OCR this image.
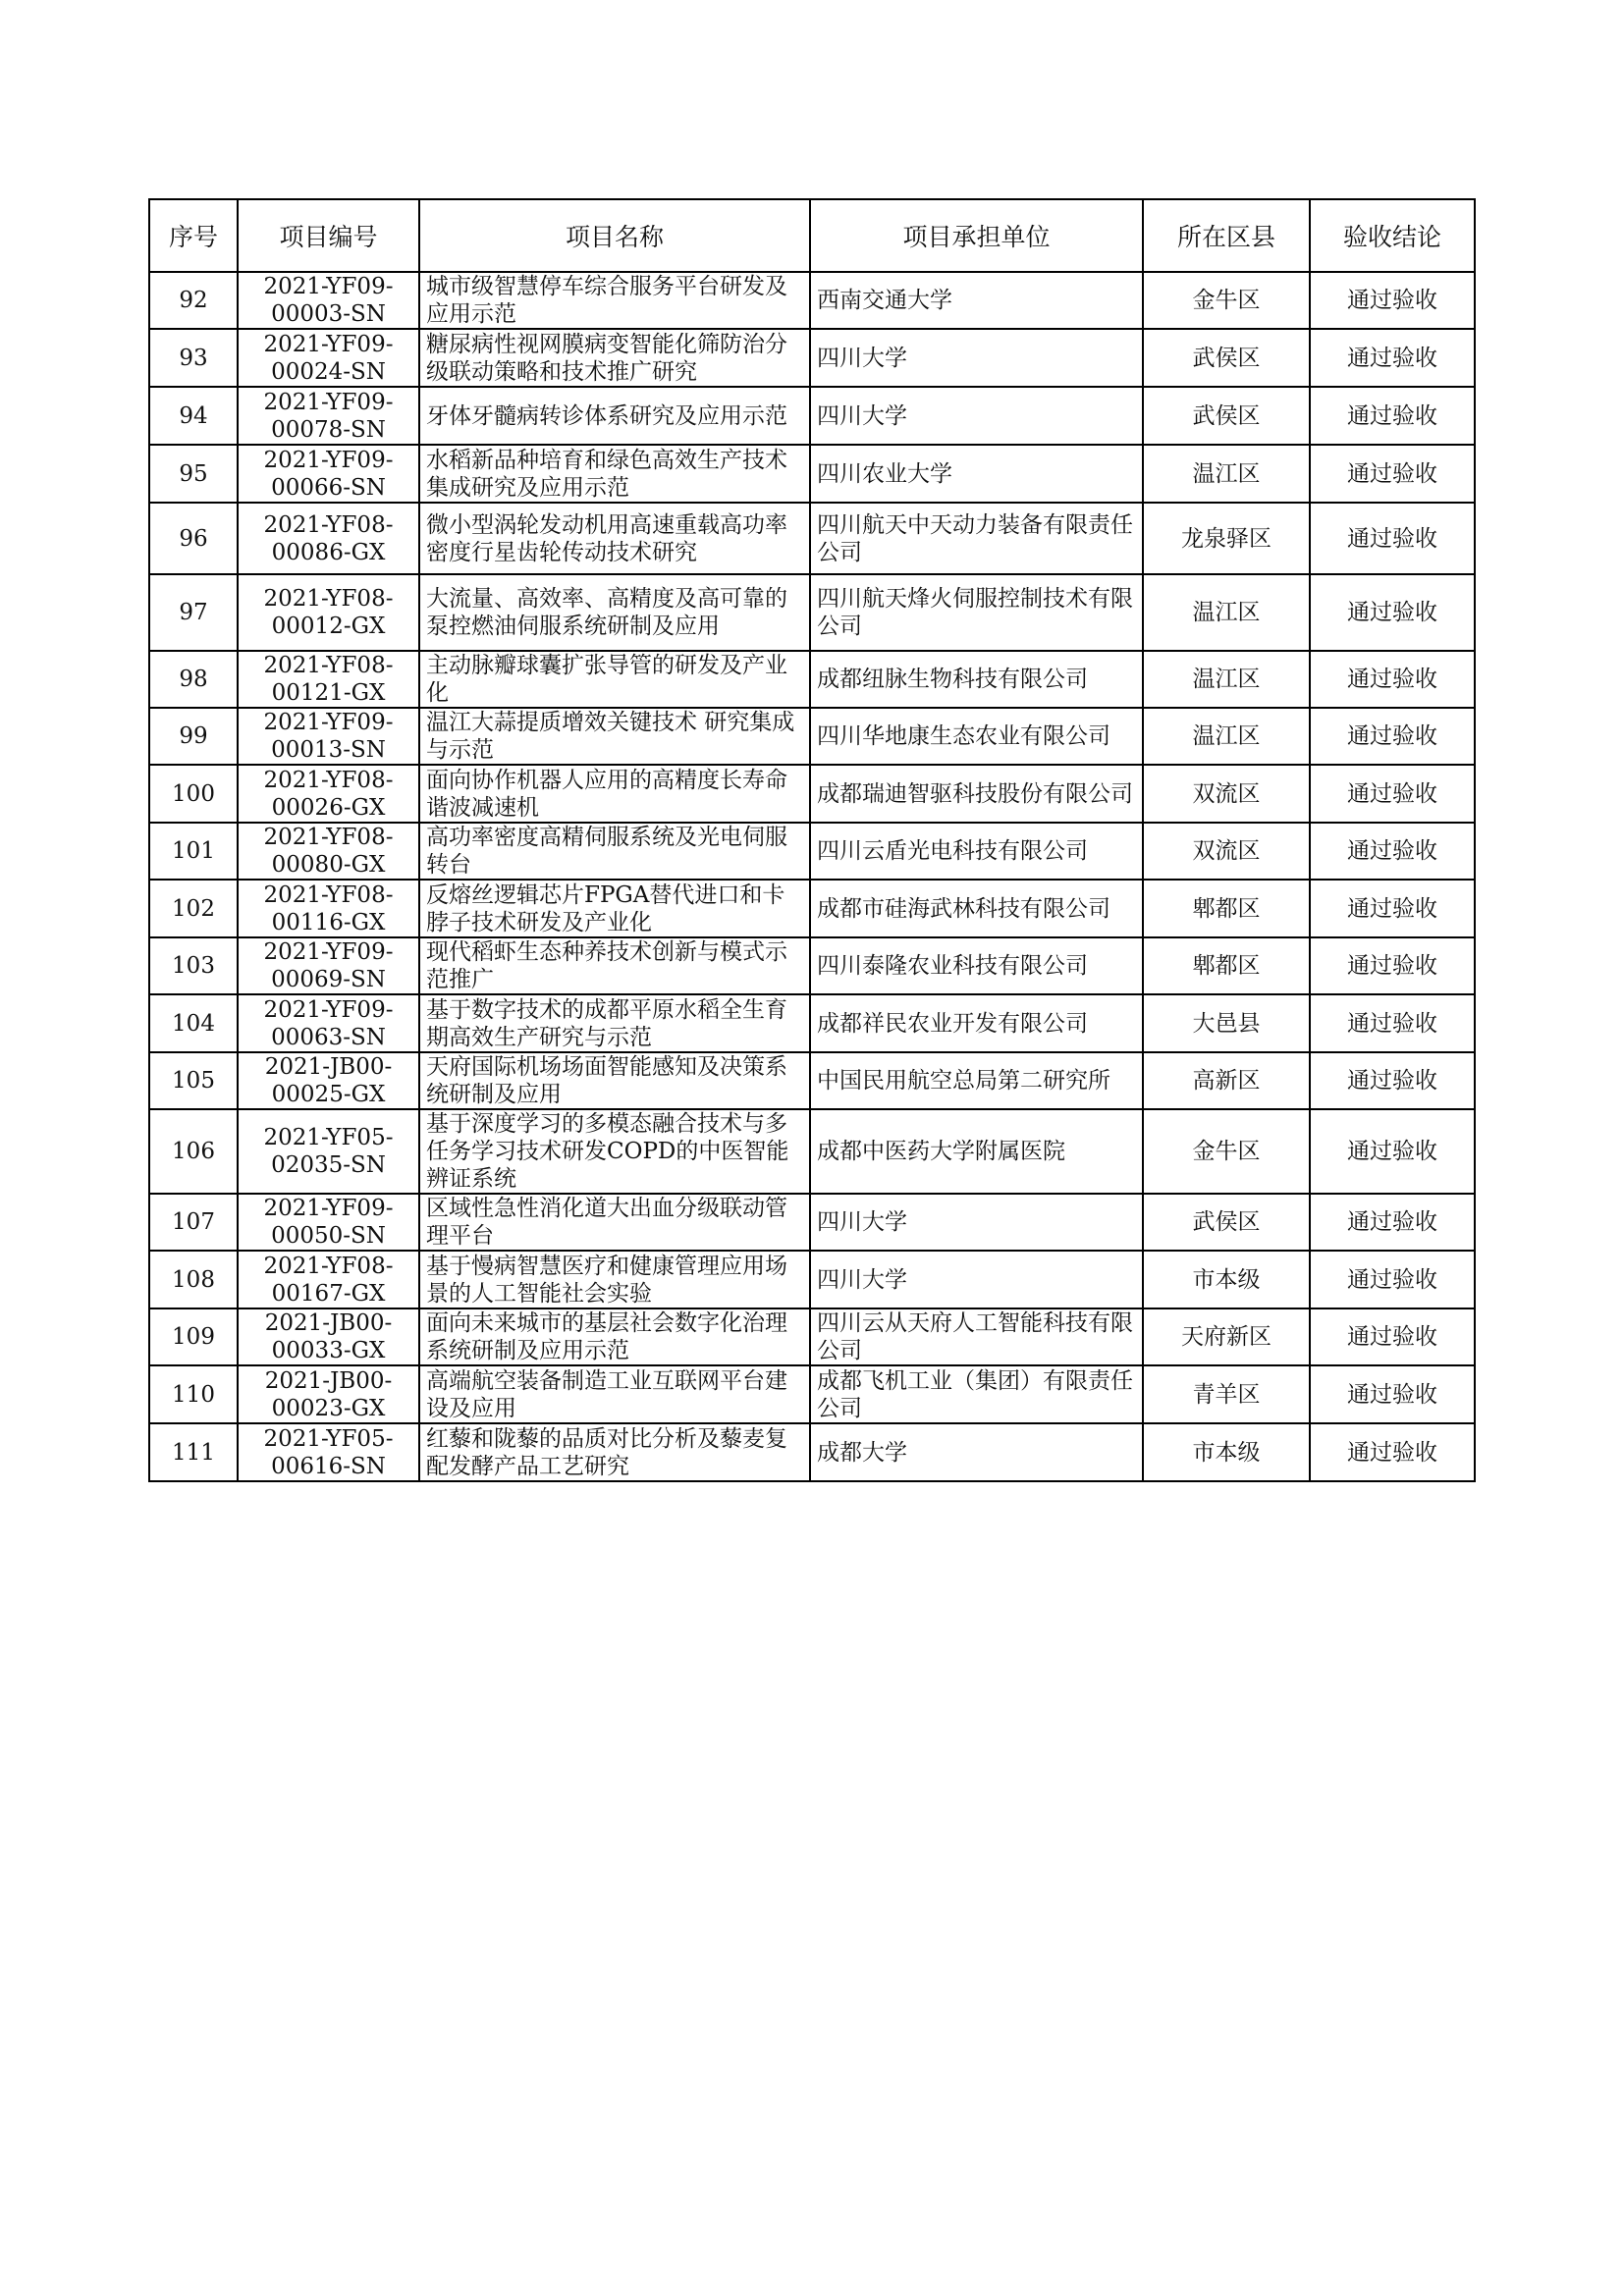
序号	项目编号	项目名称	项目承担单位	所在区县	验收结论
92	2021-YF09-00003-SN	城市级智慧停车综合服务平台研发及应用示范	西南交通大学	金牛区	通过验收
93	2021-YF09-00024-SN	糖尿病性视网膜病变智能化筛防治分级联动策略和技术推广研究	四川大学	武侯区	通过验收
94	2021-YF09-00078-SN	牙体牙髓病转诊体系研究及应用示范	四川大学	武侯区	通过验收
95	2021-YF09-00066-SN	水稻新品种培育和绿色高效生产技术集成研究及应用示范	四川农业大学	温江区	通过验收
96	2021-YF08-00086-GX	微小型涡轮发动机用高速重载高功率密度行星齿轮传动技术研究	四川航天中天动力装备有限责任公司	龙泉驿区	通过验收
97	2021-YF08-00012-GX	大流量、高效率、高精度及高可靠的泵控燃油伺服系统研制及应用	四川航天烽火伺服控制技术有限公司	温江区	通过验收
98	2021-YF08-00121-GX	主动脉瓣球囊扩张导管的研发及产业化	成都纽脉生物科技有限公司	温江区	通过验收
99	2021-YF09-00013-SN	温江大蒜提质增效关键技术 研究集成与示范	四川华地康生态农业有限公司	温江区	通过验收
100	2021-YF08-00026-GX	面向协作机器人应用的高精度长寿命谐波减速机	成都瑞迪智驱科技股份有限公司	双流区	通过验收
101	2021-YF08-00080-GX	高功率密度高精伺服系统及光电伺服转台	四川云盾光电科技有限公司	双流区	通过验收
102	2021-YF08-00116-GX	反熔丝逻辑芯片FPGA替代进口和卡脖子技术研发及产业化	成都市硅海武林科技有限公司	郫都区	通过验收
103	2021-YF09-00069-SN	现代稻虾生态种养技术创新与模式示范推广	四川泰隆农业科技有限公司	郫都区	通过验收
104	2021-YF09-00063-SN	基于数字技术的成都平原水稻全生育期高效生产研究与示范	成都祥民农业开发有限公司	大邑县	通过验收
105	2021-JB00-00025-GX	天府国际机场场面智能感知及决策系统研制及应用	中国民用航空总局第二研究所	高新区	通过验收
106	2021-YF05-02035-SN	基于深度学习的多模态融合技术与多任务学习技术研发COPD的中医智能辨证系统	成都中医药大学附属医院	金牛区	通过验收
107	2021-YF09-00050-SN	区域性急性消化道大出血分级联动管理平台	四川大学	武侯区	通过验收
108	2021-YF08-00167-GX	基于慢病智慧医疗和健康管理应用场景的人工智能社会实验	四川大学	市本级	通过验收
109	2021-JB00-00033-GX	面向未来城市的基层社会数字化治理系统研制及应用示范	四川云从天府人工智能科技有限公司	天府新区	通过验收
110	2021-JB00-00023-GX	高端航空装备制造工业互联网平台建设及应用	成都飞机工业（集团）有限责任公司	青羊区	通过验收
111	2021-YF05-00616-SN	红藜和陇藜的品质对比分析及藜麦复配发酵产品工艺研究	成都大学	市本级	通过验收
